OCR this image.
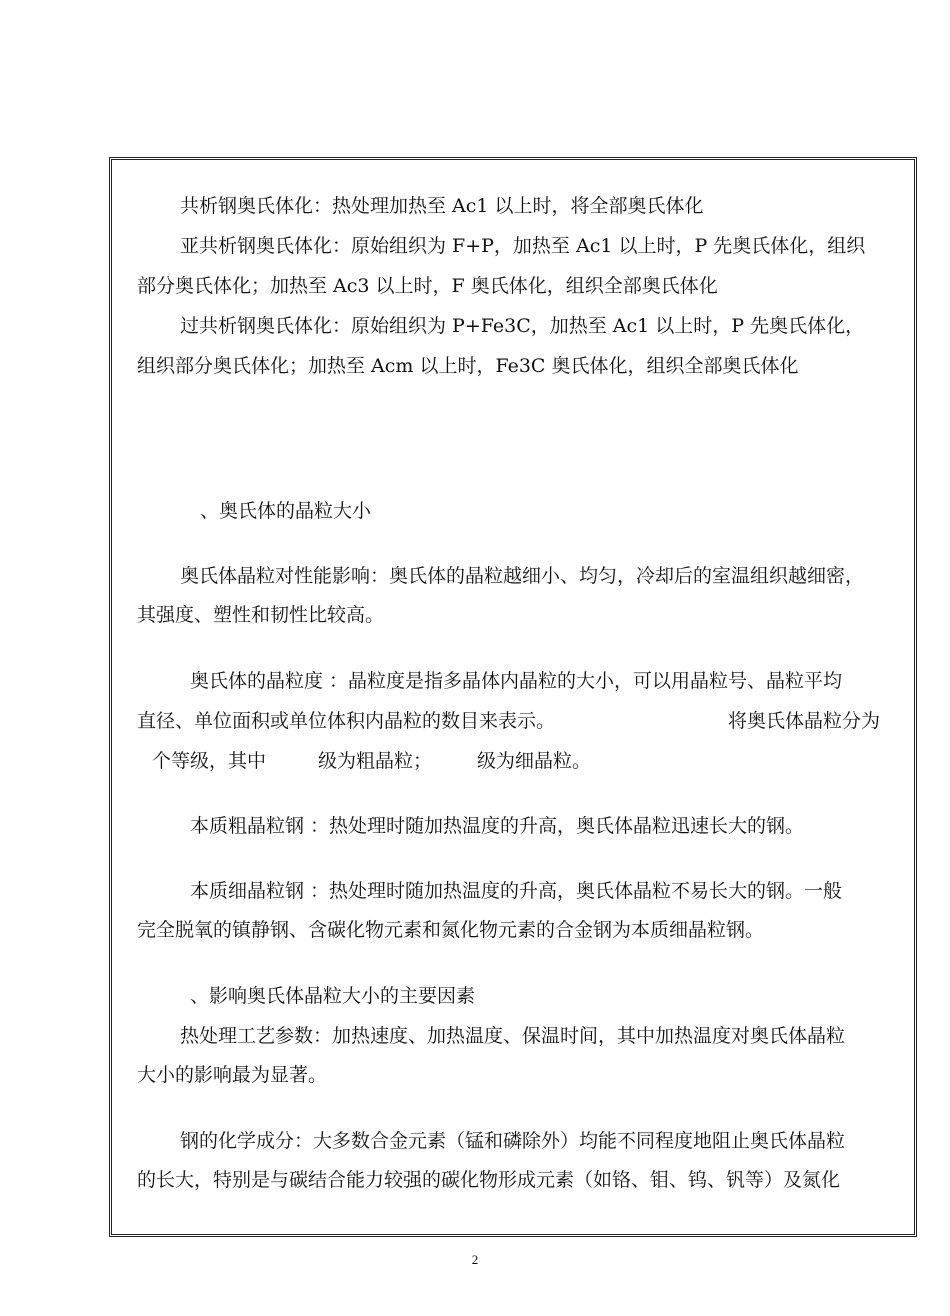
共析钢奥氏体化：热处理加热至 Ac1 以上时，将全部奥氏体化

亚共析钢奥氏体化：原始组织为 F+P，加热至 Ac1 以上时，P 先奥氏体化，组织

部分奥氏体化；加热至 Ac3 以上时，F 奥氏体化，组织全部奥氏体化

过共析钢奥氏体化：原始组织为 P+Fe3C，加热至 Ac1 以上时，P 先奥氏体化，

组织部分奥氏体化；加热至 Acm 以上时，Fe3C 奥氏体化，组织全部奥氏体化

、奥氏体的晶粒大小

奥氏体晶粒对性能影响：奥氏体的晶粒越细小、均匀，冷却后的室温组织越细密，

其强度、塑性和韧性比较高。

奥氏体的晶粒度 ：晶粒度是指多晶体内晶粒的大小，可以用晶粒号、晶粒平均

直径、单位面积或单位体积内晶粒的数目来表示。	将奥氏体晶粒分为

个等级，其中	级为粗晶粒； 级为细晶粒。

本质粗晶粒钢 ：热处理时随加热温度的升高，奥氏体晶粒迅速长大的钢。

本质细晶粒钢 ：热处理时随加热温度的升高，奥氏体晶粒不易长大的钢。一般

完全脱氧的镇静钢、含碳化物元素和氮化物元素的合金钢为本质细晶粒钢。

、影响奥氏体晶粒大小的主要因素

热处理工艺参数：加热速度、加热温度、保温时间，其中加热温度对奥氏体晶粒

大小的影响最为显著。

钢的化学成分：大多数合金元素（锰和磷除外）均能不同程度地阻止奥氏体晶粒

的长大，特别是与碳结合能力较强的碳化物形成元素（如铬、钼、钨、钒等）及氮化

2
